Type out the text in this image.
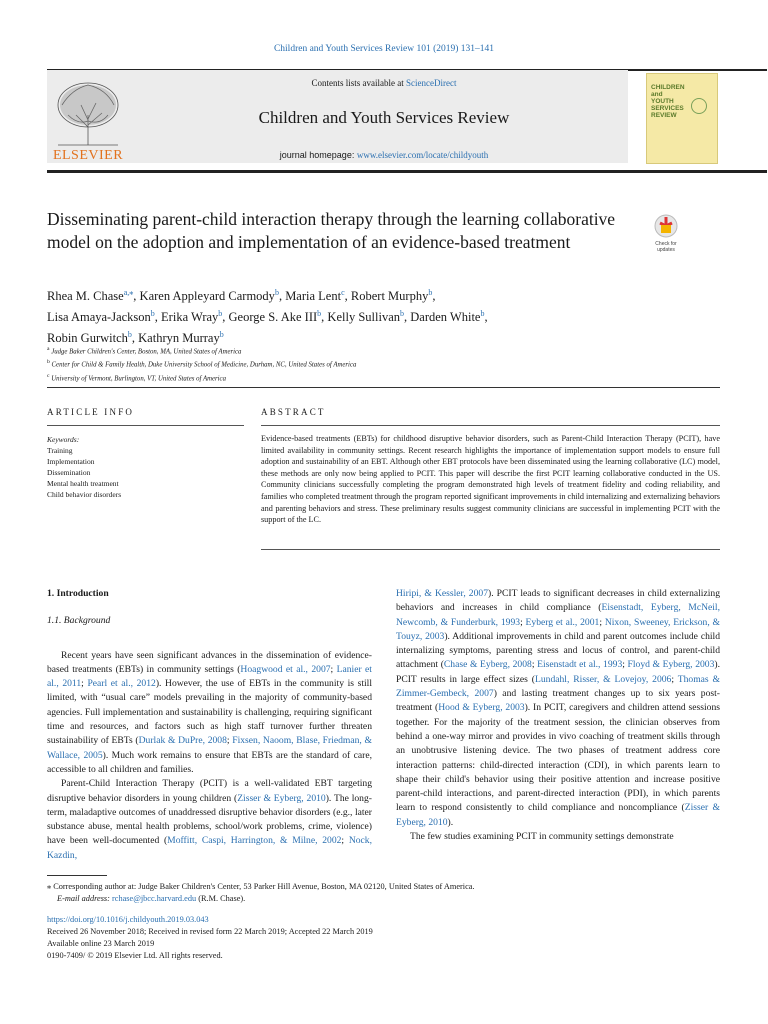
Children and Youth Services Review 101 (2019) 131–141
ELSEVIER
Contents lists available at ScienceDirect
Children and Youth Services Review
journal homepage: www.elsevier.com/locate/childyouth
CHILDREN and YOUTH SERVICES REVIEW
Disseminating parent-child interaction therapy through the learning collaborative model on the adoption and implementation of an evidence-based treatment	Check for
updates
Rhea M. Chase$^{a,⁎}$, Karen Appleyard Carmody$^b$, Maria Lent$^c$, Robert Murphy$^b$,
Lisa Amaya-Jackson$^b$, Erika Wray$^b$, George S. Ake III$^b$, Kelly Sullivan$^b$, Darden White$^b$,
Robin Gurwitch$^b$, Kathryn Murray$^b$
$^a$ Judge Baker Children's Center, Boston, MA, United States of America
$^b$ Center for Child & Family Health, Duke University School of Medicine, Durham, NC, United States of America
$^c$ University of Vermont, Burlington, VT, United States of America
ARTICLE INFO	ABSTRACT
Keywords:
Training
Implementation
Dissemination
Mental health treatment
Child behavior disorders
Evidence-based treatments (EBTs) for childhood disruptive behavior disorders, such as Parent-Child Interaction Therapy (PCIT), have limited availability in community settings. Recent research highlights the importance of implementation support models to ensure full adoption and sustainability of an EBT. Although other EBT protocols have been disseminated using the learning collaborative (LC) model, these methods are only now being applied to PCIT. This paper will describe the first PCIT learning collaborative conducted in the US. Community clinicians successfully completing the program demonstrated high levels of treatment fidelity and coding reliability, and families who completed treatment through the program reported significant improvements in child internalizing and externalizing behaviors and parenting behaviors and stress. These preliminary results suggest community clinicians are successful in implementing PCIT with the support of the LC.
1. Introduction
1.1. Background

Recent years have seen significant advances in the dissemination of evidence-based treatments (EBTs) in community settings (Hoagwood et al., 2007; Lanier et al., 2011; Pearl et al., 2012). However, the use of EBTs in the community is still limited, with “usual care” models prevailing in the majority of community-based agencies. Full implementation and sustainability is challenging, requiring significant time and resources, and factors such as high staff turnover further threaten sustainability of EBTs (Durlak & DuPre, 2008; Fixsen, Naoom, Blase, Friedman, & Wallace, 2005). Much work remains to ensure that EBTs are the standard of care, accessible to all children and families.

Parent-Child Interaction Therapy (PCIT) is a well-validated EBT targeting disruptive behavior disorders in young children (Zisser & Eyberg, 2010). The long-term, maladaptive outcomes of unaddressed disruptive behavior disorders (e.g., later substance abuse, mental health problems, school/work problems, crime, violence) have been well-documented (Moffitt, Caspi, Harrington, & Milne, 2002; Nock, Kazdin,

Hiripi, & Kessler, 2007). PCIT leads to significant decreases in child externalizing behaviors and increases in child compliance (Eisenstadt, Eyberg, McNeil, Newcomb, & Funderburk, 1993; Eyberg et al., 2001; Nixon, Sweeney, Erickson, & Touyz, 2003). Additional improvements in child and parent outcomes include child internalizing symptoms, parenting stress and locus of control, and parent-child attachment (Chase & Eyberg, 2008; Eisenstadt et al., 1993; Floyd & Eyberg, 2003). PCIT results in large effect sizes (Lundahl, Risser, & Lovejoy, 2006; Thomas & Zimmer-Gembeck, 2007) and lasting treatment changes up to six years post-treatment (Hood & Eyberg, 2003). In PCIT, caregivers and children attend sessions together. For the majority of the treatment session, the clinician observes from behind a one-way mirror and provides in vivo coaching of treatment skills through an unobtrusive listening device. The two phases of treatment address core interaction patterns: child-directed interaction (CDI), in which parents learn to shape their child's behavior using their positive attention and increase positive parent-child interactions, and parent-directed interaction (PDI), in which parents learn to respond consistently to child compliance and noncompliance (Zisser & Eyberg, 2010).

The few studies examining PCIT in community settings demonstrate

⁎ Corresponding author at: Judge Baker Children's Center, 53 Parker Hill Avenue, Boston, MA 02120, United States of America.
E-mail address: rchase@jbcc.harvard.edu (R.M. Chase).
https://doi.org/10.1016/j.childyouth.2019.03.043
Received 26 November 2018; Received in revised form 22 March 2019; Accepted 22 March 2019
Available online 23 March 2019
0190-7409/ © 2019 Elsevier Ltd. All rights reserved.
